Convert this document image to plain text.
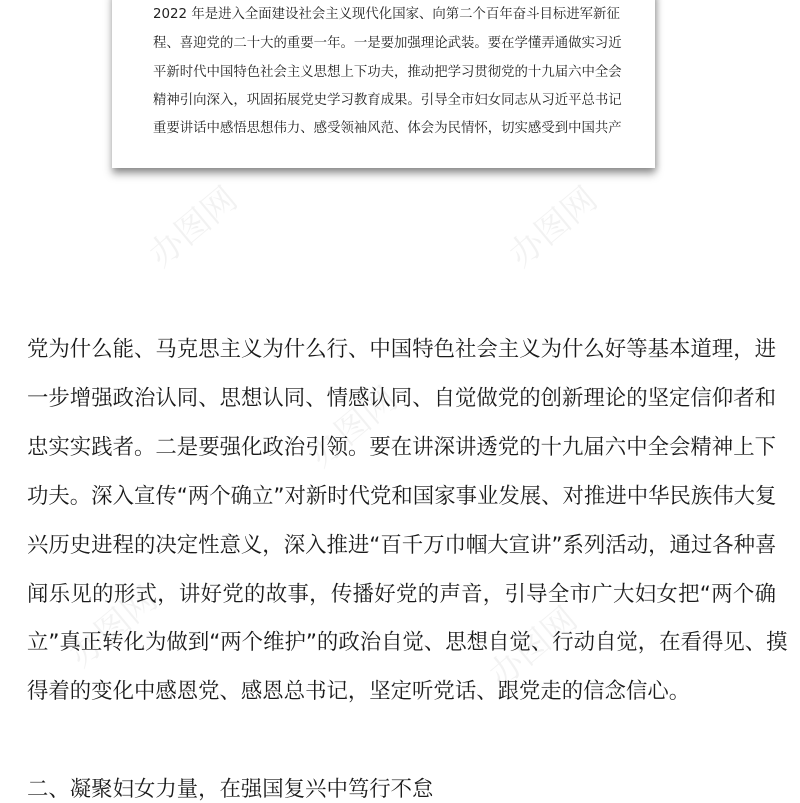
办图网	办图网
办图网
办图网	办图网
2022 年是进入全面建设社会主义现代化国家、向第二个百年奋斗目标进军新征
程、喜迎党的二十大的重要一年。一是要加强理论武装。要在学懂弄通做实习近
平新时代中国特色社会主义思想上下功夫，推动把学习贯彻党的十九届六中全会
精神引向深入，巩固拓展党史学习教育成果。引导全市妇女同志从习近平总书记
重要讲话中感悟思想伟力、感受领袖风范、体会为民情怀，切实感受到中国共产
党为什么能、马克思主义为什么行、中国特色社会主义为什么好等基本道理，进
一步增强政治认同、思想认同、情感认同、自觉做党的创新理论的坚定信仰者和
忠实实践者。二是要强化政治引领。要在讲深讲透党的十九届六中全会精神上下
功夫。深入宣传“两个确立”对新时代党和国家事业发展、对推进中华民族伟大复
兴历史进程的决定性意义，深入推进“百千万巾帼大宣讲”系列活动，通过各种喜
闻乐见的形式，讲好党的故事，传播好党的声音，引导全市广大妇女把“两个确
立”真正转化为做到“两个维护”的政治自觉、思想自觉、行动自觉，在看得见、摸
得着的变化中感恩党、感恩总书记，坚定听党话、跟党走的信念信心。
二、凝聚妇女力量，在强国复兴中笃行不怠
